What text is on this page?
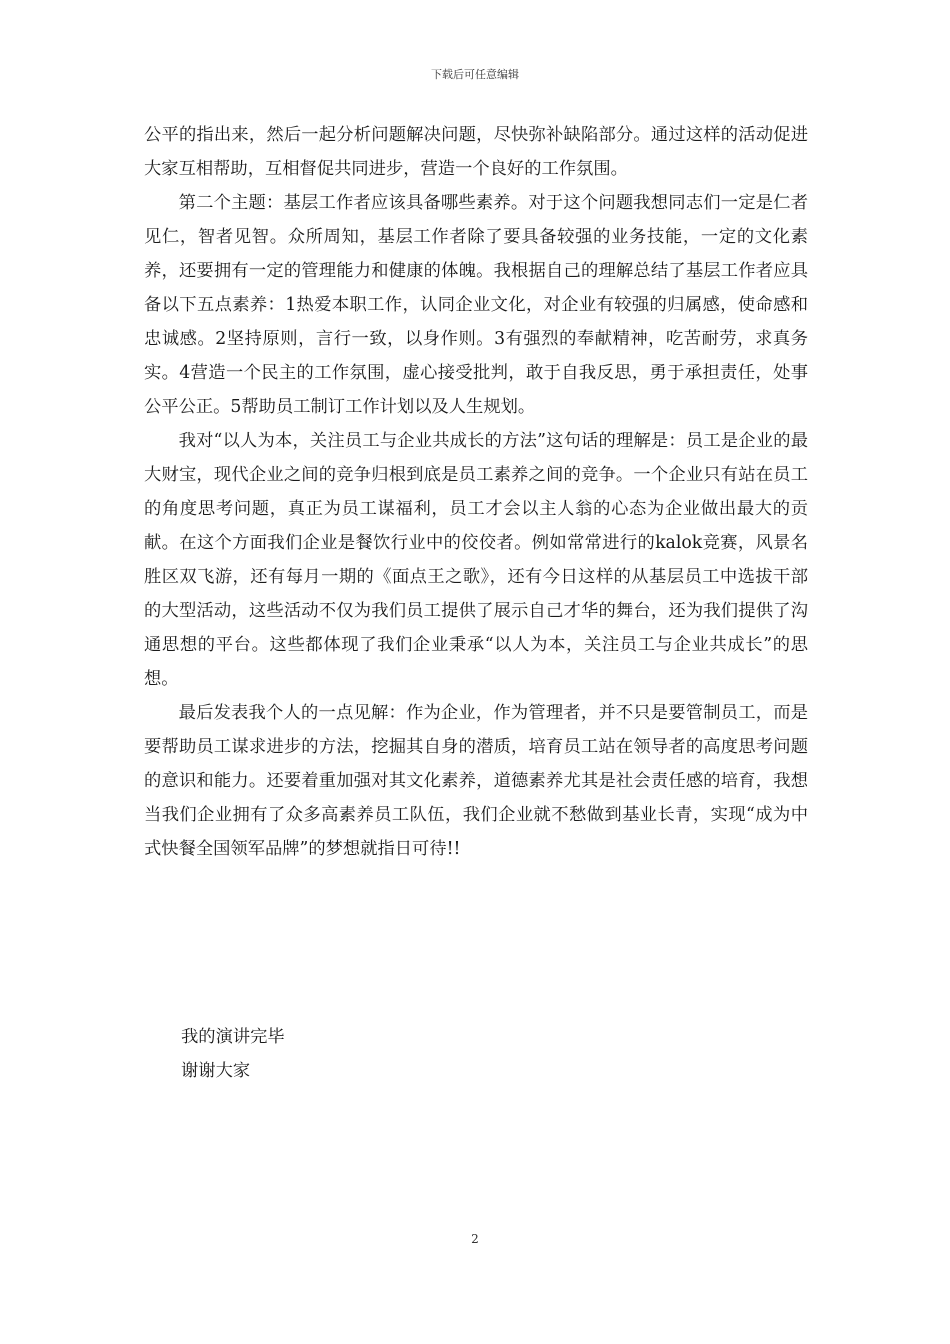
下载后可任意编辑

公平的指出来，然后一起分析问题解决问题，尽快弥补缺陷部分。通过这样的活动促进大家互相帮助，互相督促共同进步，营造一个良好的工作氛围。

第二个主题：基层工作者应该具备哪些素养。对于这个问题我想同志们一定是仁者见仁，智者见智。众所周知，基层工作者除了要具备较强的业务技能，一定的文化素养，还要拥有一定的管理能力和健康的体魄。我根据自己的理解总结了基层工作者应具备以下五点素养：1热爱本职工作，认同企业文化，对企业有较强的归属感，使命感和忠诚感。2坚持原则，言行一致，以身作则。3有强烈的奉献精神，吃苦耐劳，求真务实。4营造一个民主的工作氛围，虚心接受批判，敢于自我反思，勇于承担责任，处事公平公正。5帮助员工制订工作计划以及人生规划。

我对“以人为本，关注员工与企业共成长的方法”这句话的理解是：员工是企业的最大财宝，现代企业之间的竞争归根到底是员工素养之间的竞争。一个企业只有站在员工的角度思考问题，真正为员工谋福利，员工才会以主人翁的心态为企业做出最大的贡献。在这个方面我们企业是餐饮行业中的佼佼者。例如常常进行的kalok竞赛，风景名胜区双飞游，还有每月一期的《面点王之歌》，还有今日这样的从基层员工中选拔干部的大型活动，这些活动不仅为我们员工提供了展示自己才华的舞台，还为我们提供了沟通思想的平台。这些都体现了我们企业秉承“以人为本，关注员工与企业共成长”的思想。

最后发表我个人的一点见解：作为企业，作为管理者，并不只是要管制员工，而是要帮助员工谋求进步的方法，挖掘其自身的潜质，培育员工站在领导者的高度思考问题的意识和能力。还要着重加强对其文化素养，道德素养尤其是社会责任感的培育，我想当我们企业拥有了众多高素养员工队伍，我们企业就不愁做到基业长青，实现“成为中式快餐全国领军品牌”的梦想就指日可待!!

我的演讲完毕
谢谢大家
2
